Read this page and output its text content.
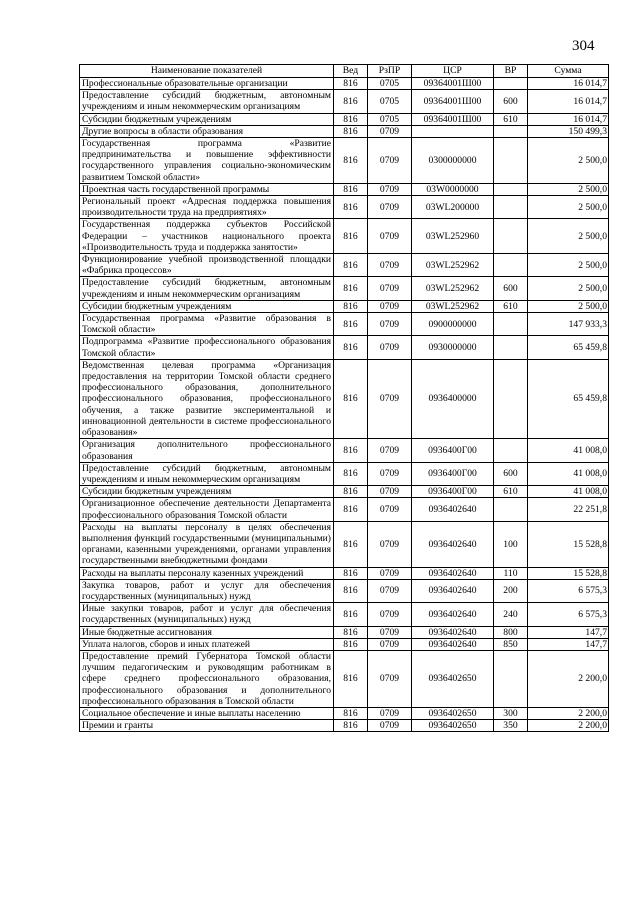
304
Наименование показателей	Вед	РзПР	ЦСР	ВР	Сумма
Профессиональные образовательные организации	816	0705	09364001Ш00		16 014,7
Предоставление субсидий бюджетным, автономным учреждениям и иным некоммерческим организациям	816	0705	09364001Ш00	600	16 014,7
Субсидии бюджетным учреждениям	816	0705	09364001Ш00	610	16 014,7
Другие вопросы в области образования	816	0709			150 499,3
Государственная программа «Развитие предпринимательства и повышение эффективности государственного управления социально-экономическим развитием Томской области»	816	0709	0300000000		2 500,0
Проектная часть государственной программы	816	0709	03W0000000		2 500,0
Региональный проект «Адресная поддержка повышения производительности труда на предприятиях»	816	0709	03WL200000		2 500,0
Государственная поддержка субъектов Российской Федерации – участников национального проекта «Производительность труда и поддержка занятости»	816	0709	03WL252960		2 500,0
Функционирование учебной производственной площадки «Фабрика процессов»	816	0709	03WL252962		2 500,0
Предоставление субсидий бюджетным, автономным учреждениям и иным некоммерческим организациям	816	0709	03WL252962	600	2 500,0
Субсидии бюджетным учреждениям	816	0709	03WL252962	610	2 500,0
Государственная программа «Развитие образования в Томской области»	816	0709	0900000000		147 933,3
Подпрограмма «Развитие профессионального образования Томской области»	816	0709	0930000000		65 459,8
Ведомственная целевая программа «Организация предоставления на территории Томской области среднего профессионального образования, дополнительного профессионального образования, профессионального обучения, а также развитие экспериментальной и инновационной деятельности в системе профессионального образования»	816	0709	0936400000		65 459,8
Организация дополнительного профессионального образования	816	0709	0936400Г00		41 008,0
Предоставление субсидий бюджетным, автономным учреждениям и иным некоммерческим организациям	816	0709	0936400Г00	600	41 008,0
Субсидии бюджетным учреждениям	816	0709	0936400Г00	610	41 008,0
Организационное обеспечение деятельности Департамента профессионального образования Томской области	816	0709	0936402640		22 251,8
Расходы на выплаты персоналу в целях обеспечения выполнения функций государственными (муниципальными) органами, казенными учреждениями, органами управления государственными внебюджетными фондами	816	0709	0936402640	100	15 528,8
Расходы на выплаты персоналу казенных учреждений	816	0709	0936402640	110	15 528,8
Закупка товаров, работ и услуг для обеспечения государственных (муниципальных) нужд	816	0709	0936402640	200	6 575,3
Иные закупки товаров, работ и услуг для обеспечения государственных (муниципальных) нужд	816	0709	0936402640	240	6 575,3
Иные бюджетные ассигнования	816	0709	0936402640	800	147,7
Уплата налогов, сборов и иных платежей	816	0709	0936402640	850	147,7
Предоставление премий Губернатора Томской области лучшим педагогическим и руководящим работникам в сфере среднего профессионального образования, профессионального образования и дополнительного профессионального образования в Томской области	816	0709	0936402650		2 200,0
Социальное обеспечение и иные выплаты населению	816	0709	0936402650	300	2 200,0
Премии и гранты	816	0709	0936402650	350	2 200,0
